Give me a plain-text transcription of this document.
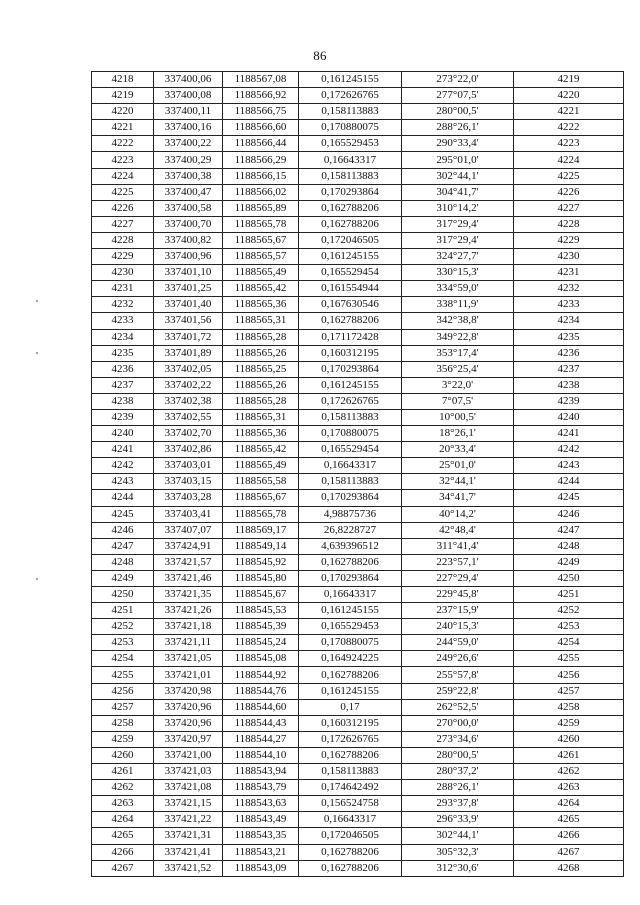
86
4218	337400,06	1188567,08	0,161245155	273°22,0'	4219
4219	337400,08	1188566,92	0,172626765	277°07,5'	4220
4220	337400,11	1188566,75	0,158113883	280°00,5'	4221
4221	337400,16	1188566,60	0,170880075	288°26,1'	4222
4222	337400,22	1188566,44	0,165529453	290°33,4'	4223
4223	337400,29	1188566,29	0,16643317	295°01,0'	4224
4224	337400,38	1188566,15	0,158113883	302°44,1'	4225
4225	337400,47	1188566,02	0,170293864	304°41,7'	4226
4226	337400,58	1188565,89	0,162788206	310°14,2'	4227
4227	337400,70	1188565,78	0,162788206	317°29,4'	4228
4228	337400,82	1188565,67	0,172046505	317°29,4'	4229
4229	337400,96	1188565,57	0,161245155	324°27,7'	4230
4230	337401,10	1188565,49	0,165529454	330°15,3'	4231
4231	337401,25	1188565,42	0,161554944	334°59,0'	4232
4232	337401,40	1188565,36	0,167630546	338°11,9'	4233
4233	337401,56	1188565,31	0,162788206	342°38,8'	4234
4234	337401,72	1188565,28	0,171172428	349°22,8'	4235
4235	337401,89	1188565,26	0,160312195	353°17,4'	4236
4236	337402,05	1188565,25	0,170293864	356°25,4'	4237
4237	337402,22	1188565,26	0,161245155	3°22,0'	4238
4238	337402,38	1188565,28	0,172626765	7°07,5'	4239
4239	337402,55	1188565,31	0,158113883	10°00,5'	4240
4240	337402,70	1188565,36	0,170880075	18°26,1'	4241
4241	337402,86	1188565,42	0,165529454	20°33,4'	4242
4242	337403,01	1188565,49	0,16643317	25°01,0'	4243
4243	337403,15	1188565,58	0,158113883	32°44,1'	4244
4244	337403,28	1188565,67	0,170293864	34°41,7'	4245
4245	337403,41	1188565,78	4,98875736	40°14,2'	4246
4246	337407,07	1188569,17	26,8228727	42°48,4'	4247
4247	337424,91	1188549,14	4,639396512	311°41,4'	4248
4248	337421,57	1188545,92	0,162788206	223°57,1'	4249
4249	337421,46	1188545,80	0,170293864	227°29,4'	4250
4250	337421,35	1188545,67	0,16643317	229°45,8'	4251
4251	337421,26	1188545,53	0,161245155	237°15,9'	4252
4252	337421,18	1188545,39	0,165529453	240°15,3'	4253
4253	337421,11	1188545,24	0,170880075	244°59,0'	4254
4254	337421,05	1188545,08	0,164924225	249°26,6'	4255
4255	337421,01	1188544,92	0,162788206	255°57,8'	4256
4256	337420,98	1188544,76	0,161245155	259°22,8'	4257
4257	337420,96	1188544,60	0,17	262°52,5'	4258
4258	337420,96	1188544,43	0,160312195	270°00,0'	4259
4259	337420,97	1188544,27	0,172626765	273°34,6'	4260
4260	337421,00	1188544,10	0,162788206	280°00,5'	4261
4261	337421,03	1188543,94	0,158113883	280°37,2'	4262
4262	337421,08	1188543,79	0,174642492	288°26,1'	4263
4263	337421,15	1188543,63	0,156524758	293°37,8'	4264
4264	337421,22	1188543,49	0,16643317	296°33,9'	4265
4265	337421,31	1188543,35	0,172046505	302°44,1'	4266
4266	337421,41	1188543,21	0,162788206	305°32,3'	4267
4267	337421,52	1188543,09	0,162788206	312°30,6'	4268
